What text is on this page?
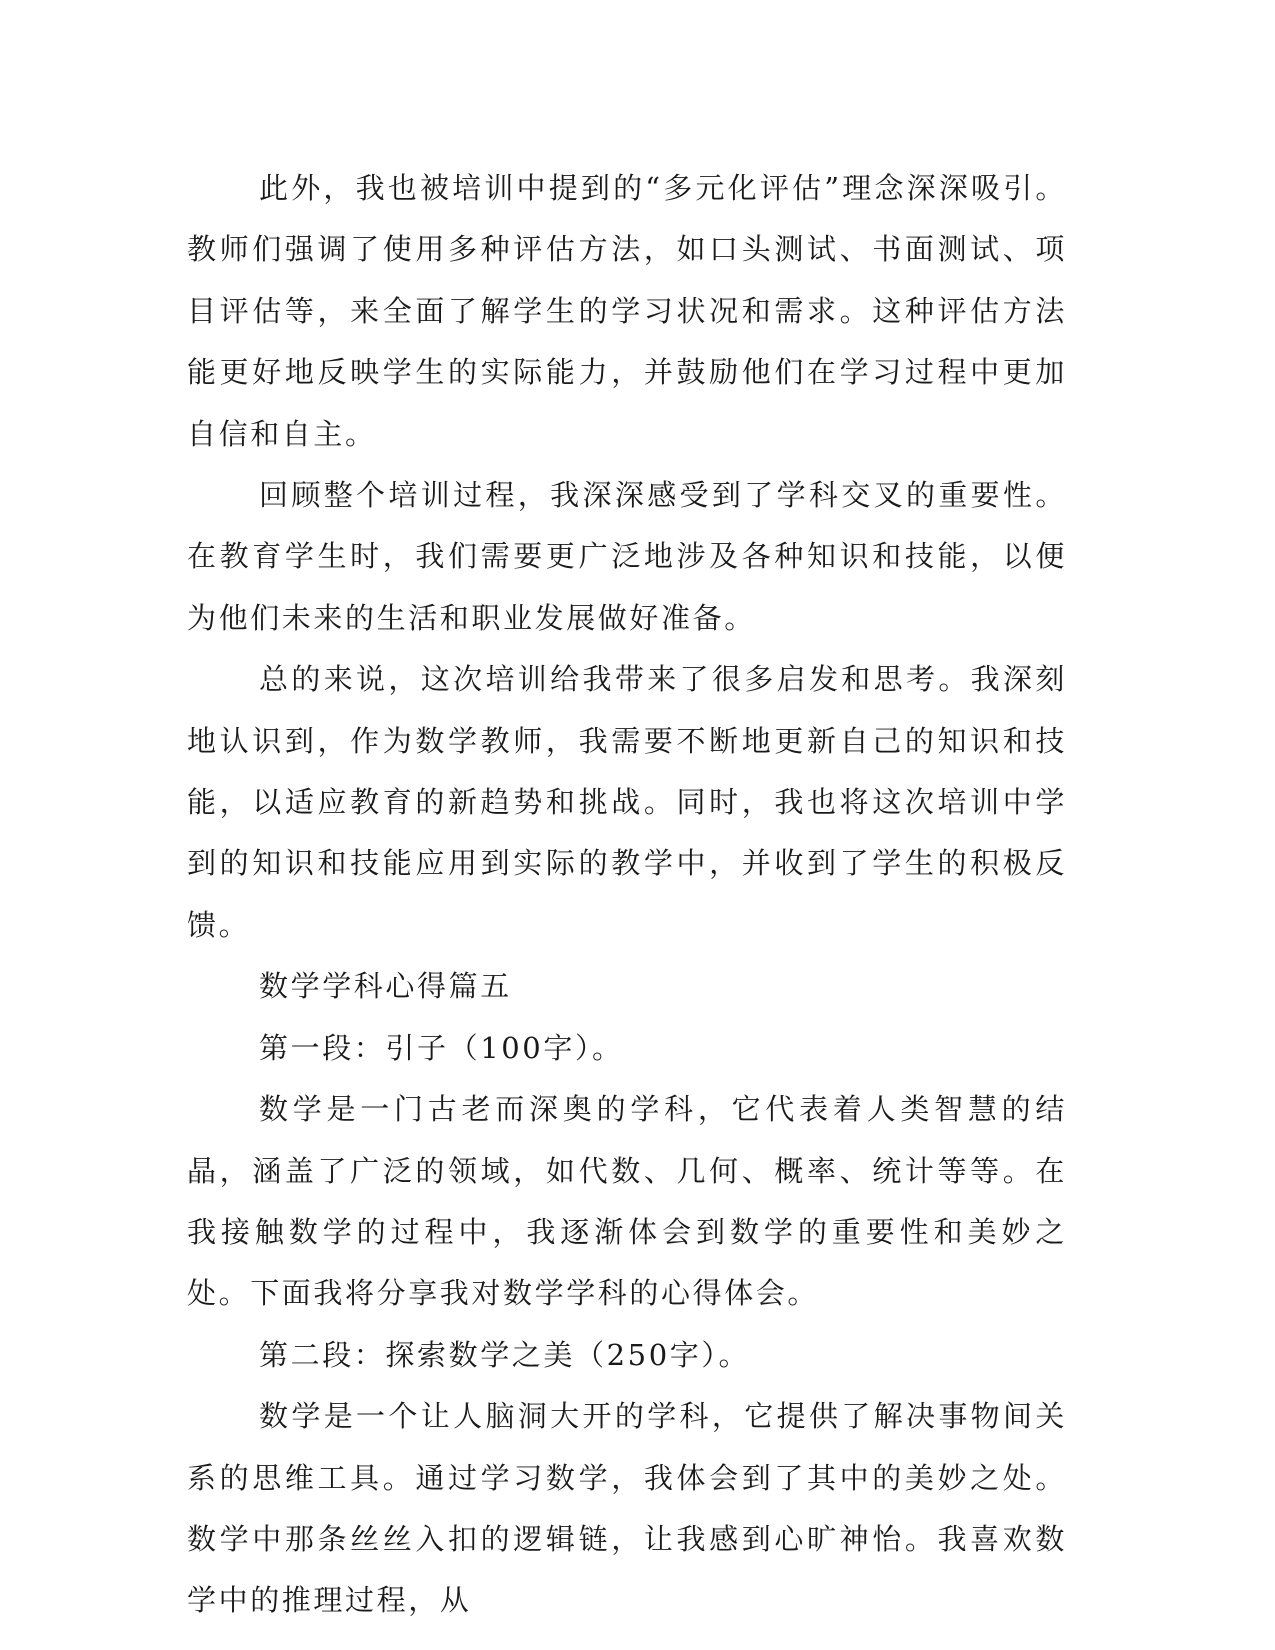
此外，我也被培训中提到的“多元化评估”理念深深吸引。教师们强调了使用多种评估方法，如口头测试、书面测试、项目评估等，来全面了解学生的学习状况和需求。这种评估方法能更好地反映学生的实际能力，并鼓励他们在学习过程中更加自信和自主。

回顾整个培训过程，我深深感受到了学科交叉的重要性。在教育学生时，我们需要更广泛地涉及各种知识和技能，以便为他们未来的生活和职业发展做好准备。

总的来说，这次培训给我带来了很多启发和思考。我深刻地认识到，作为数学教师，我需要不断地更新自己的知识和技能，以适应教育的新趋势和挑战。同时，我也将这次培训中学到的知识和技能应用到实际的教学中，并收到了学生的积极反馈。

数学学科心得篇五

第一段：引子（100字）。

数学是一门古老而深奥的学科，它代表着人类智慧的结晶，涵盖了广泛的领域，如代数、几何、概率、统计等等。在我接触数学的过程中，我逐渐体会到数学的重要性和美妙之处。下面我将分享我对数学学科的心得体会。

第二段：探索数学之美（250字）。

数学是一个让人脑洞大开的学科，它提供了解决事物间关系的思维工具。通过学习数学，我体会到了其中的美妙之处。数学中那条丝丝入扣的逻辑链，让我感到心旷神怡。我喜欢数学中的推理过程，从
